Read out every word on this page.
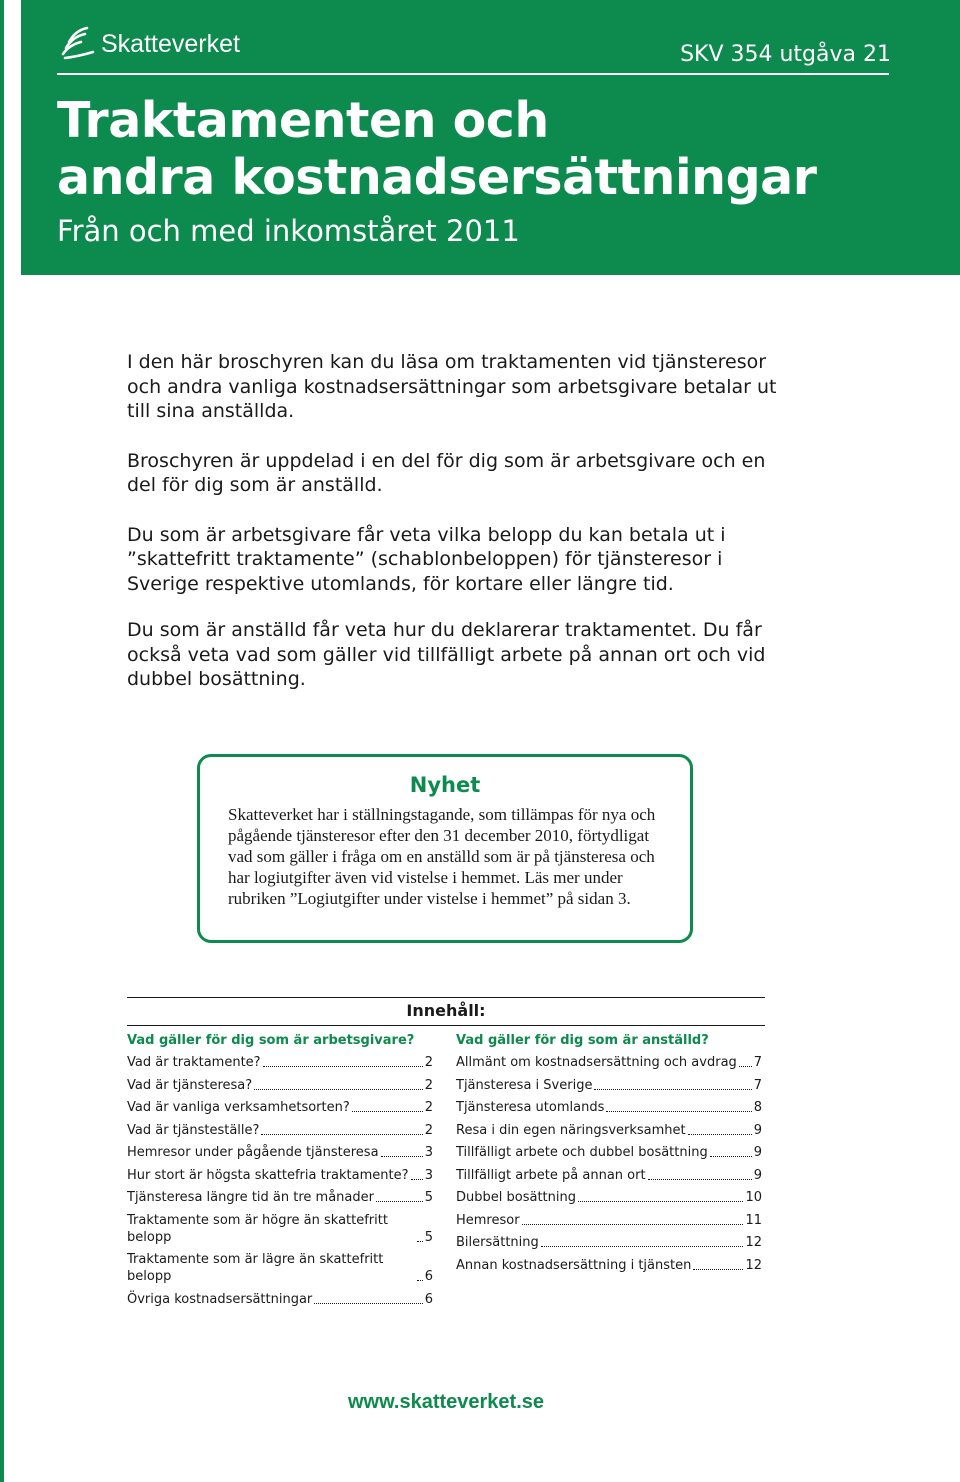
Skatteverket	SKV 354 utgåva 21
Traktamenten och
andra kostnadsersättningar

Från och med inkomståret 2011

I den här broschyren kan du läsa om traktamenten vid tjänsteresor och andra vanliga kostnadsersättningar som arbetsgivare betalar ut till sina anställda.

Broschyren är uppdelad i en del för dig som är arbetsgivare och en del för dig som är anställd.

Du som är arbetsgivare får veta vilka belopp du kan betala ut i ”skattefritt traktamente” (schablonbeloppen) för tjänsteresor i Sverige respektive utomlands, för kortare eller längre tid.

Du som är anställd får veta hur du deklarerar traktamentet. Du får också veta vad som gäller vid tillfälligt arbete på annan ort och vid dubbel bosättning.

Nyhet

Skatteverket har i ställningstagande, som tillämpas för nya och pågående tjänsteresor efter den 31 december 2010, förtydligat vad som gäller i fråga om en anställd som är på tjänsteresa och har logiutgifter även vid vistelse i hemmet. Läs mer under rubriken ”Logiutgifter under vistelse i hemmet” på sidan 3.

Innehåll:
Vad gäller för dig som är arbetsgivare?
Vad är traktamente?	2
Vad är tjänsteresa?	2
Vad är vanliga verksamhetsorten?	2
Vad är tjänsteställe?	2
Hemresor under pågående tjänsteresa	3
Hur stort är högsta skattefria traktamente? 3
Tjänsteresa längre tid än tre månader	5
Traktamente som är högre än skattefritt belopp	5
Traktamente som är lägre än skattefritt belopp	6
Övriga kostnadsersättningar	6
Vad gäller för dig som är anställd?
Allmänt om kostnadsersättning och avdrag 7
Tjänsteresa i Sverige	7
Tjänsteresa utomlands	8
Resa i din egen näringsverksamhet	9
Tillfälligt arbete och dubbel bosättning	9
Tillfälligt arbete på annan ort	9
Dubbel bosättning	10
Hemresor	11
Bilersättning	12
Annan kostnadsersättning i tjänsten	12
www.skatteverket.se
